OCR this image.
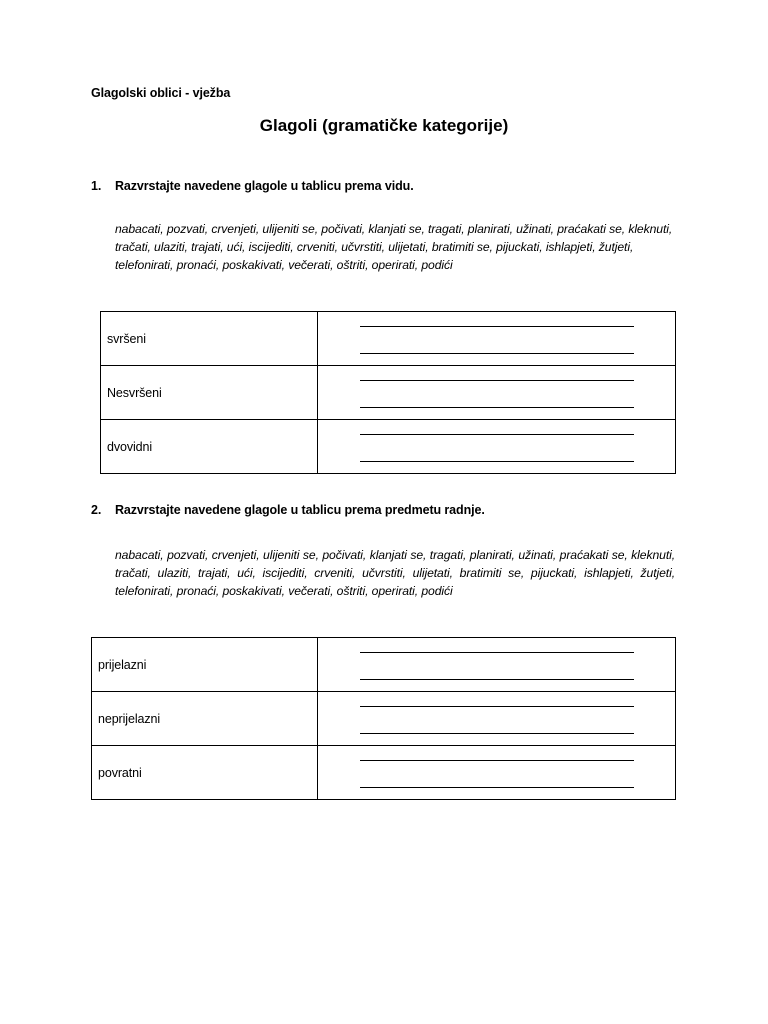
Glagolski oblici - vježba
Glagoli (gramatičke kategorije)
1.	Razvrstajte navedene glagole u tablicu prema vidu.
nabacati, pozvati, crvenjeti, ulijeniti se, počivati, klanjati se, tragati, planirati, užinati, praćakati se, kleknuti, tračati, ulaziti, trajati, ući, iscijediti, crveniti, učvrstiti, ulijetati, bratimiti se, pijuckati, ishlapjeti, žutjeti, telefonirati, pronaći, poskakivati, večerati, oštriti, operirati, podići
svršeni	

Nesvršeni	

dvovidni	
2.	Razvrstajte navedene glagole u tablicu prema predmetu radnje.
nabacati, pozvati, crvenjeti, ulijeniti se, počivati, klanjati se, tragati, planirati, užinati, praćakati se, kleknuti, tračati, ulaziti, trajati, ući, iscijediti, crveniti, učvrstiti, ulijetati, bratimiti se, pijuckati, ishlapjeti, žutjeti, telefonirati, pronaći, poskakivati, večerati, oštriti, operirati, podići
prijelazni	

neprijelazni	

povratni	
